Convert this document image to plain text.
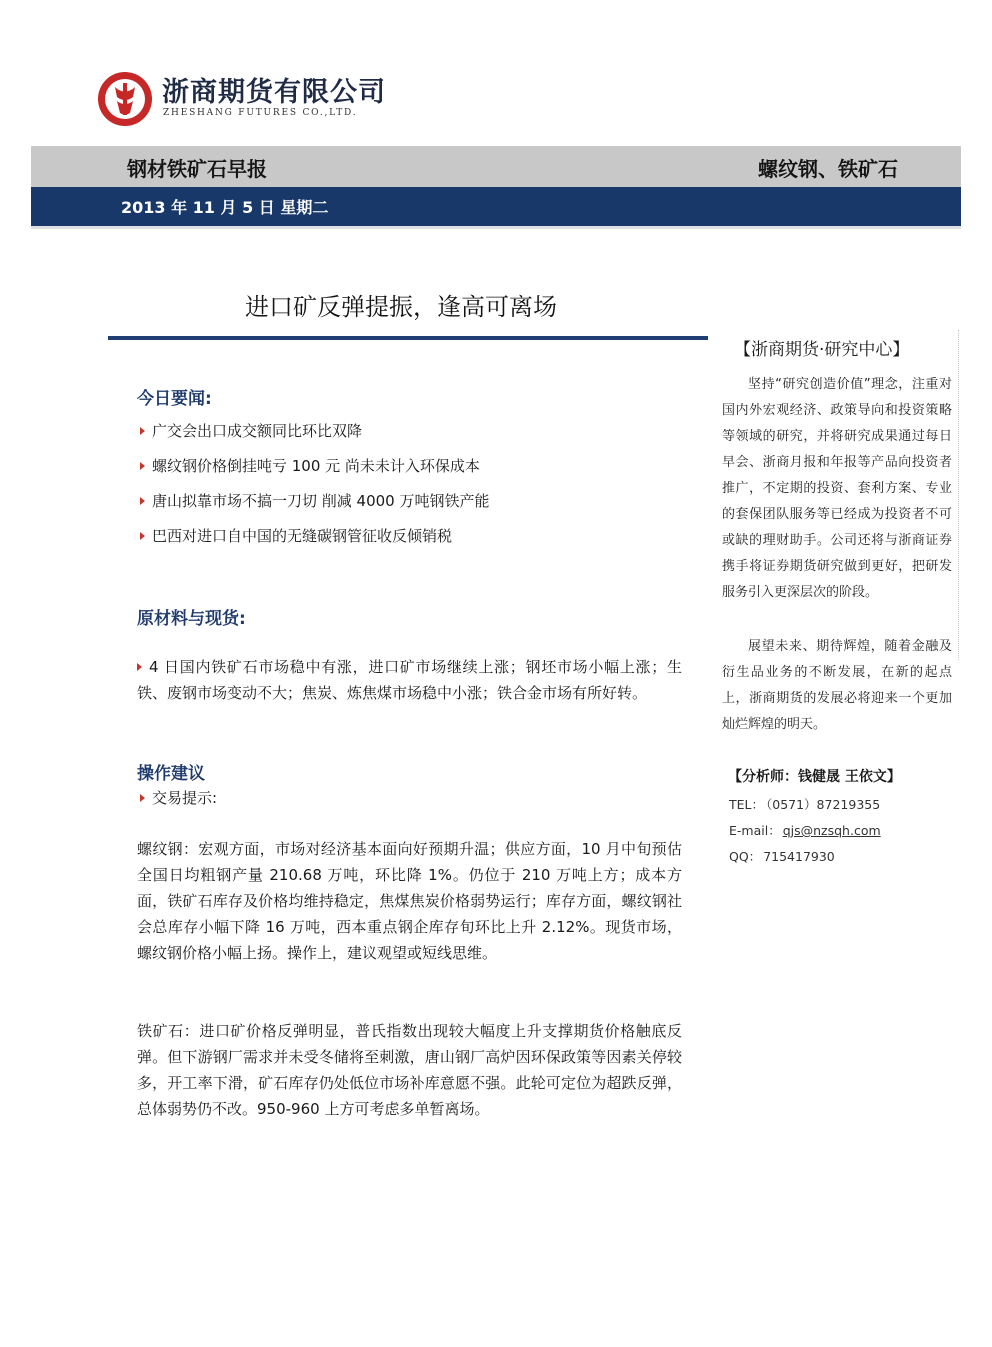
浙商期货有限公司
ZHESHANG FUTURES CO.,LTD.
钢材铁矿石早报	螺纹钢、铁矿石
2013 年 11 月 5 日 星期二
进口矿反弹提振，逢高可离场
今日要闻:
广交会出口成交额同比环比双降
螺纹钢价格倒挂吨亏 100 元 尚未未计入环保成本
唐山拟靠市场不搞一刀切 削减 4000 万吨钢铁产能
巴西对进口自中国的无缝碳钢管征收反倾销税
原材料与现货:
4 日国内铁矿石市场稳中有涨，进口矿市场继续上涨；钢坯市场小幅上涨；生铁、废钢市场变动不大；焦炭、炼焦煤市场稳中小涨；铁合金市场有所好转。
操作建议
交易提示:
螺纹钢：宏观方面，市场对经济基本面向好预期升温；供应方面，10 月中旬预估全国日均粗钢产量 210.68 万吨，环比降 1%。仍位于 210 万吨上方；成本方面，铁矿石库存及价格均维持稳定，焦煤焦炭价格弱势运行；库存方面，螺纹钢社会总库存小幅下降 16 万吨，西本重点钢企库存旬环比上升 2.12%。现货市场，螺纹钢价格小幅上扬。操作上，建议观望或短线思维。
铁矿石：进口矿价格反弹明显，普氏指数出现较大幅度上升支撑期货价格触底反弹。但下游钢厂需求并未受冬储将至刺激，唐山钢厂高炉因环保政策等因素关停较多，开工率下滑，矿石库存仍处低位市场补库意愿不强。此轮可定位为超跌反弹，总体弱势仍不改。950-960 上方可考虑多单暂离场。
【浙商期货·研究中心】
坚持“研究创造价值”理念，注重对国内外宏观经济、政策导向和投资策略等领域的研究，并将研究成果通过每日早会、浙商月报和年报等产品向投资者推广，不定期的投资、套利方案、专业的套保团队服务等已经成为投资者不可或缺的理财助手。公司还将与浙商证券携手将证券期货研究做到更好，把研发服务引入更深层次的阶段。
展望未来、期待辉煌，随着金融及衍生品业务的不断发展，在新的起点上，浙商期货的发展必将迎来一个更加灿烂辉煌的明天。
【分析师：钱健晟 王依文】
TEL： （0571）87219355
E-mail： qjs@nzsqh.com
QQ： 715417930
